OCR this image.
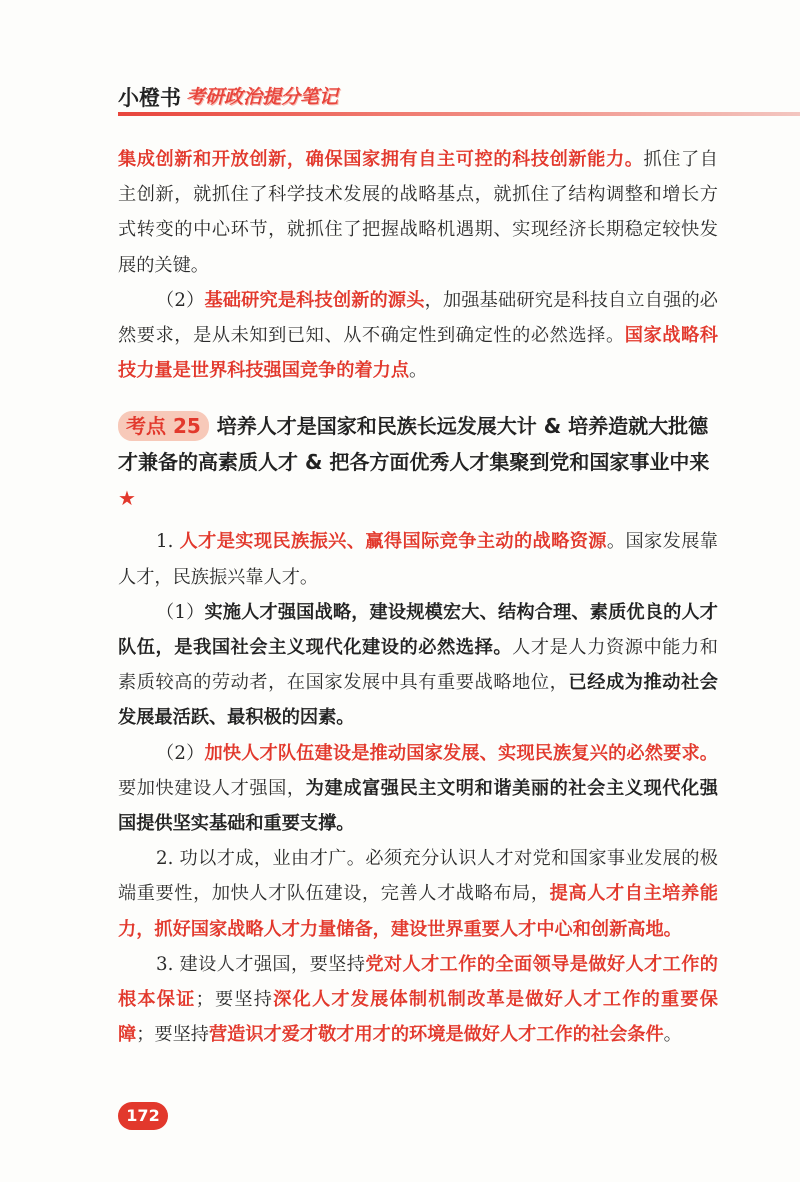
小橙书 考研政治提分笔记

集成创新和开放创新，确保国家拥有自主可控的科技创新能力。抓住了自主创新，就抓住了科学技术发展的战略基点，就抓住了结构调整和增长方式转变的中心环节，就抓住了把握战略机遇期、实现经济长期稳定较快发展的关键。

（2）基础研究是科技创新的源头，加强基础研究是科技自立自强的必然要求，是从未知到已知、从不确定性到确定性的必然选择。国家战略科技力量是世界科技强国竞争的着力点。

考点 25 培养人才是国家和民族长远发展大计 & 培养造就大批德才兼备的高素质人才 & 把各方面优秀人才集聚到党和国家事业中来★

1. 人才是实现民族振兴、赢得国际竞争主动的战略资源。国家发展靠人才，民族振兴靠人才。

（1）实施人才强国战略，建设规模宏大、结构合理、素质优良的人才队伍，是我国社会主义现代化建设的必然选择。人才是人力资源中能力和素质较高的劳动者，在国家发展中具有重要战略地位，已经成为推动社会发展最活跃、最积极的因素。

（2）加快人才队伍建设是推动国家发展、实现民族复兴的必然要求。要加快建设人才强国，为建成富强民主文明和谐美丽的社会主义现代化强国提供坚实基础和重要支撑。

2. 功以才成，业由才广。必须充分认识人才对党和国家事业发展的极端重要性，加快人才队伍建设，完善人才战略布局，提高人才自主培养能力，抓好国家战略人才力量储备，建设世界重要人才中心和创新高地。

3. 建设人才强国，要坚持党对人才工作的全面领导是做好人才工作的根本保证；要坚持深化人才发展体制机制改革是做好人才工作的重要保障；要坚持营造识才爱才敬才用才的环境是做好人才工作的社会条件。

172
